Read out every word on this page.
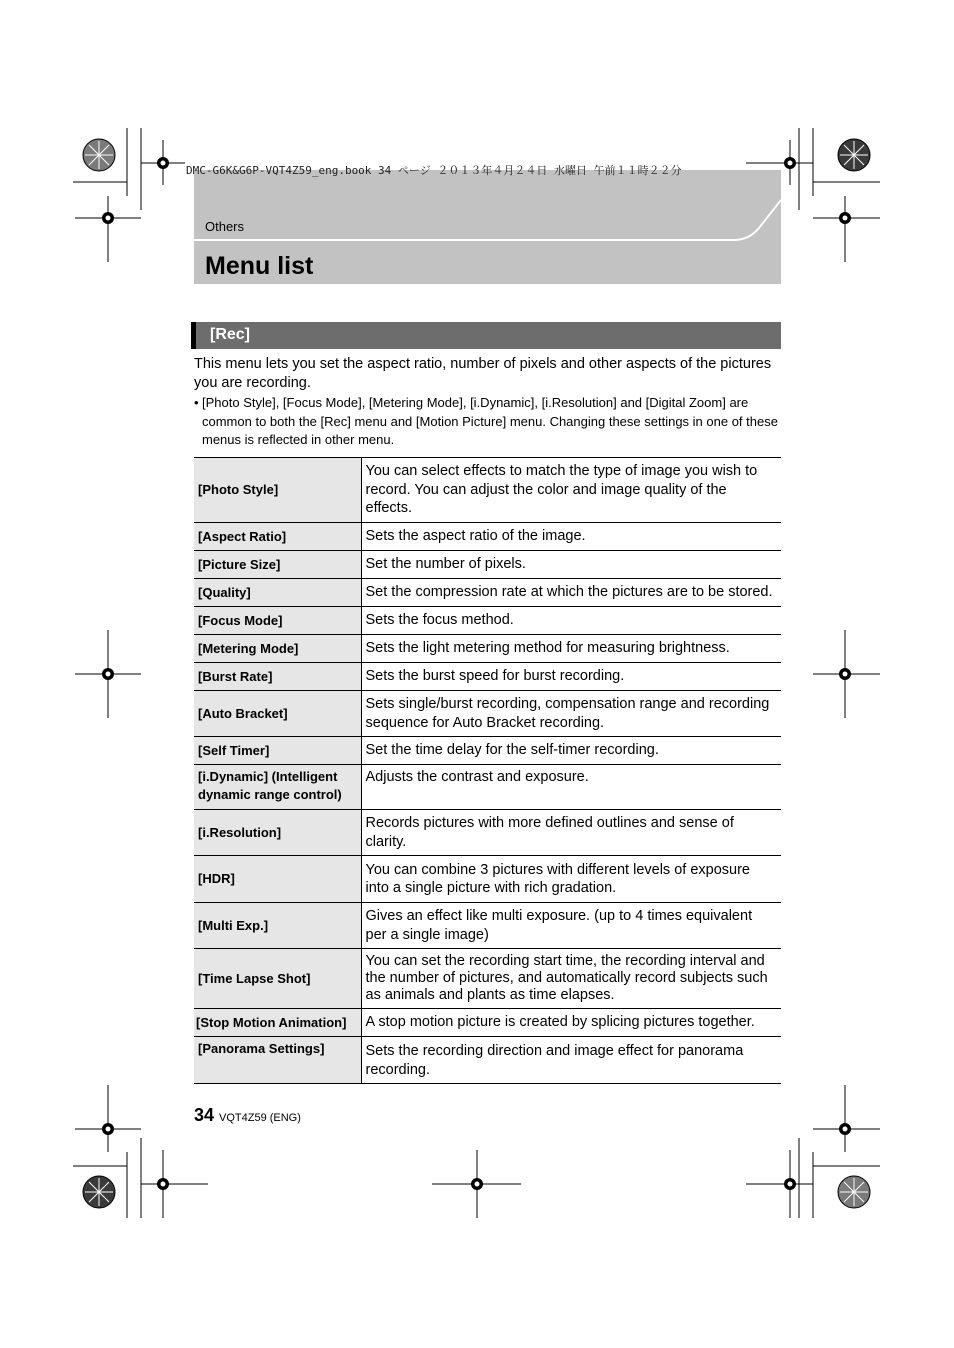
DMC-G6K&G6P-VQT4Z59_eng.book 34 ページ ２０１３年４月２４日 水曜日 午前１１時２２分
Others
Menu list
[Rec]
This menu lets you set the aspect ratio, number of pixels and other aspects of the pictures you are recording.
• [Photo Style], [Focus Mode], [Metering Mode], [i.Dynamic], [i.Resolution] and [Digital Zoom] are common to both the [Rec] menu and [Motion Picture] menu. Changing these settings in one of these menus is reflected in other menu.
[Photo Style]	You can select effects to match the type of image you wish to record. You can adjust the color and image quality of the effects.
[Aspect Ratio]	Sets the aspect ratio of the image.
[Picture Size]	Set the number of pixels.
[Quality]	Set the compression rate at which the pictures are to be stored.
[Focus Mode]	Sets the focus method.
[Metering Mode]	Sets the light metering method for measuring brightness.
[Burst Rate]	Sets the burst speed for burst recording.
[Auto Bracket]	Sets single/burst recording, compensation range and recording sequence for Auto Bracket recording.
[Self Timer]	Set the time delay for the self-timer recording.
[i.Dynamic] (Intelligent dynamic range control)	Adjusts the contrast and exposure.
[i.Resolution]	Records pictures with more defined outlines and sense of clarity.
[HDR]	You can combine 3 pictures with different levels of exposure into a single picture with rich gradation.
[Multi Exp.]	Gives an effect like multi exposure. (up to 4 times equivalent per a single image)
[Time Lapse Shot]	You can set the recording start time, the recording interval and the number of pictures, and automatically record subjects such as animals and plants as time elapses.
[Stop Motion Animation]	A stop motion picture is created by splicing pictures together.
[Panorama Settings]	Sets the recording direction and image effect for panorama recording.
34 VQT4Z59 (ENG)
